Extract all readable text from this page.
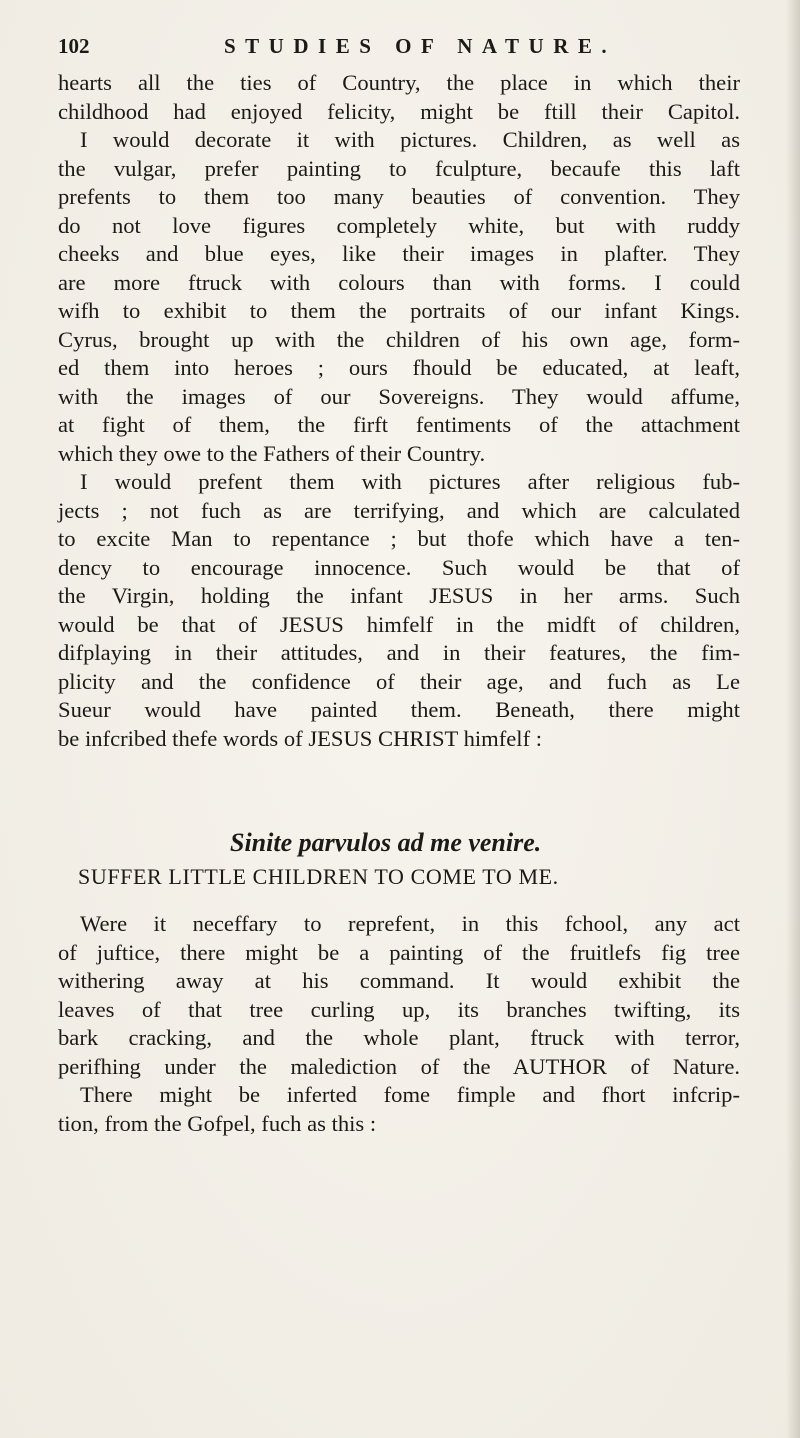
102	STUDIES OF NATURE.
hearts all the ties of Country, the place in which their
childhood had enjoyed felicity, might be ftill their Capitol.
I would decorate it with pictures. Children, as well as
the vulgar, prefer painting to fculpture, becaufe this laft
prefents to them too many beauties of convention. They
do not love figures completely white, but with ruddy
cheeks and blue eyes, like their images in plafter. They
are more ftruck with colours than with forms. I could
wifh to exhibit to them the portraits of our infant Kings.
Cyrus, brought up with the children of his own age, form-
ed them into heroes ; ours fhould be educated, at leaft,
with the images of our Sovereigns. They would affume,
at fight of them, the firft fentiments of the attachment
which they owe to the Fathers of their Country.
I would prefent them with pictures after religious fub-
jects ; not fuch as are terrifying, and which are calculated
to excite Man to repentance ; but thofe which have a ten-
dency to encourage innocence. Such would be that of
the Virgin, holding the infant JESUS in her arms. Such
would be that of JESUS himfelf in the midft of children,
difplaying in their attitudes, and in their features, the fim-
plicity and the confidence of their age, and fuch as Le
Sueur would have painted them. Beneath, there might
be infcribed thefe words of JESUS CHRIST himfelf :
Sinite parvulos ad me venire.
SUFFER LITTLE CHILDREN TO COME TO ME.
Were it neceffary to reprefent, in this fchool, any act
of juftice, there might be a painting of the fruitlefs fig tree
withering away at his command. It would exhibit the
leaves of that tree curling up, its branches twifting, its
bark cracking, and the whole plant, ftruck with terror,
perifhing under the malediction of the AUTHOR of Nature.
There might be inferted fome fimple and fhort infcrip-
tion, from the Gofpel, fuch as this :
